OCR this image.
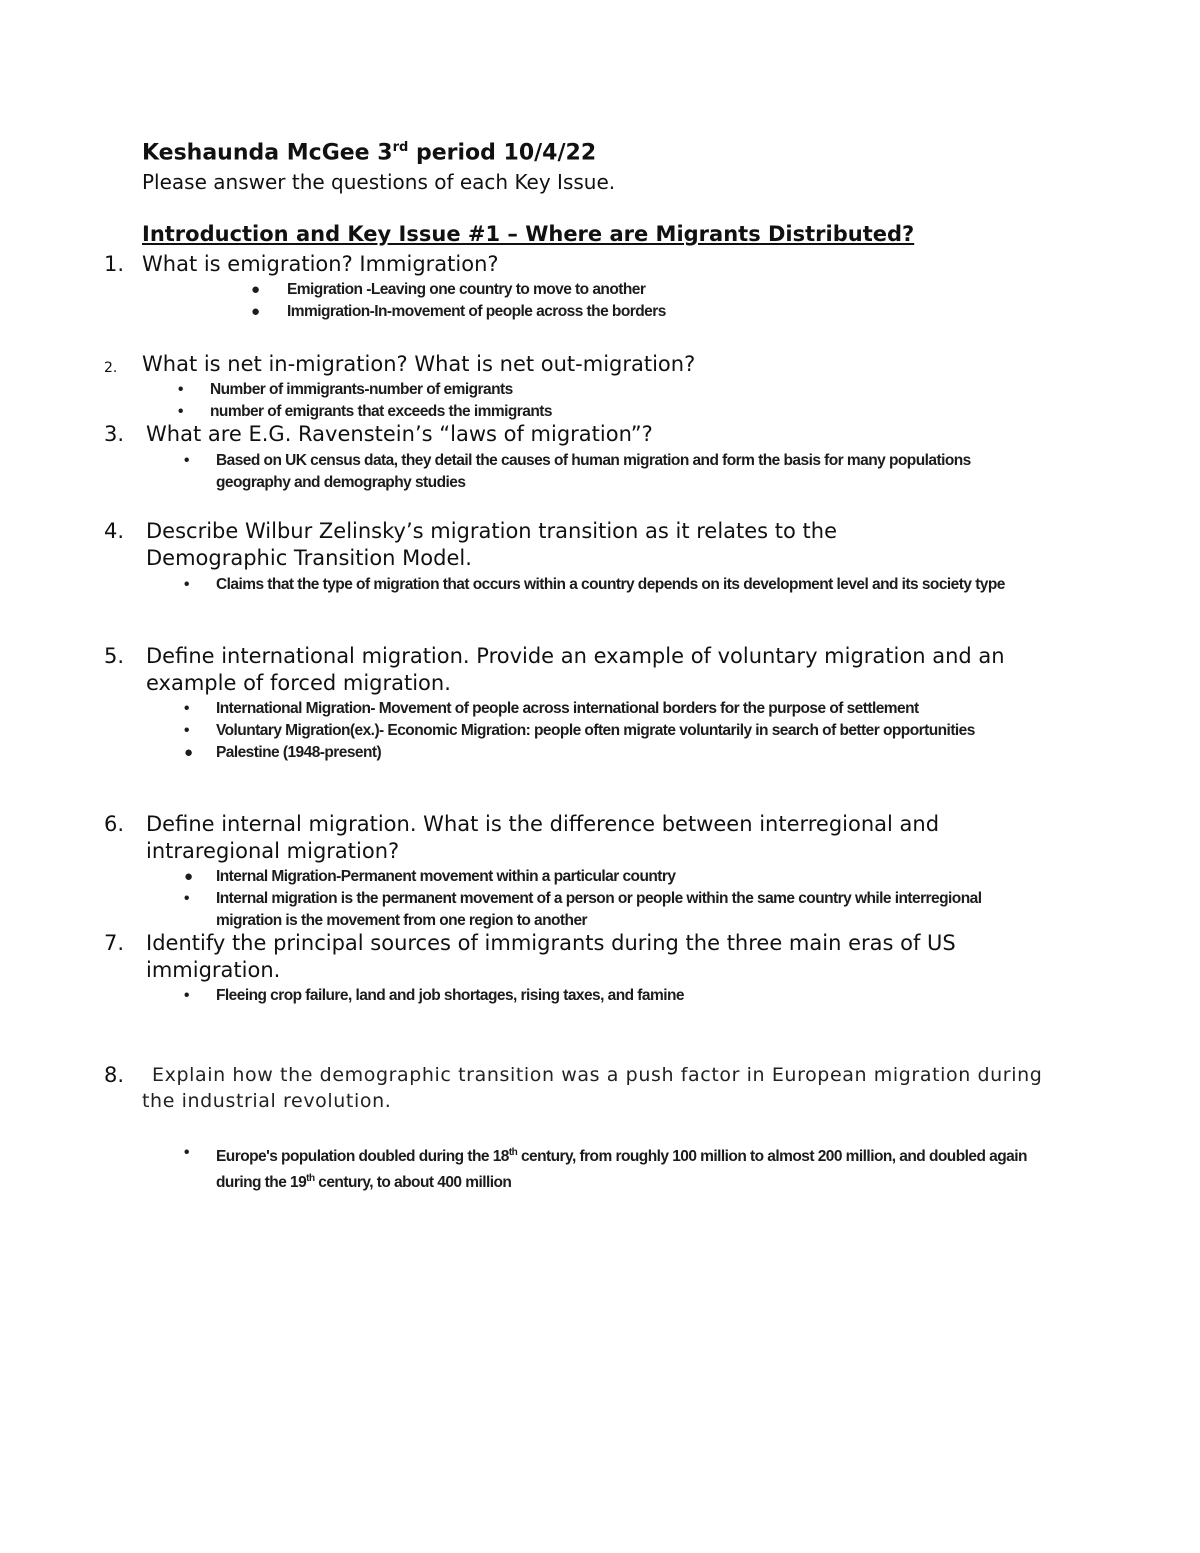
Keshaunda McGee 3rd period 10/4/22
Please answer the questions of each Key Issue.
Introduction and Key Issue #1 – Where are Migrants Distributed?
1. What is emigration? Immigration?
● Emigration -Leaving one country to move to another
● Immigration-In-movement of people across the borders
2. What is net in-migration? What is net out-migration?
• Number of immigrants-number of emigrants
• number of emigrants that exceeds the immigrants
3. What are E.G. Ravenstein’s “laws of migration”?
• Based on UK census data, they detail the causes of human migration and form the basis for many populations geography and demography studies
4. Describe Wilbur Zelinsky’s migration transition as it relates to the Demographic Transition Model.
• Claims that the type of migration that occurs within a country depends on its development level and its society type
5. Define international migration. Provide an example of voluntary migration and an example of forced migration.
• International Migration- Movement of people across international borders for the purpose of settlement
• Voluntary Migration(ex.)- Economic Migration: people often migrate voluntarily in search of better opportunities
● Palestine (1948-present)
6. Define internal migration. What is the difference between interregional and intraregional migration?
● Internal Migration-Permanent movement within a particular country
• Internal migration is the permanent movement of a person or people within the same country while interregional migration is the movement from one region to another
7. Identify the principal sources of immigrants during the three main eras of US immigration.
• Fleeing crop failure, land and job shortages, rising taxes, and famine
8.	Explain how the demographic transition was a push factor in European migration during the industrial revolution.
• Europe's population doubled during the 18th century, from roughly 100 million to almost 200 million, and doubled again during the 19th century, to about 400 million
